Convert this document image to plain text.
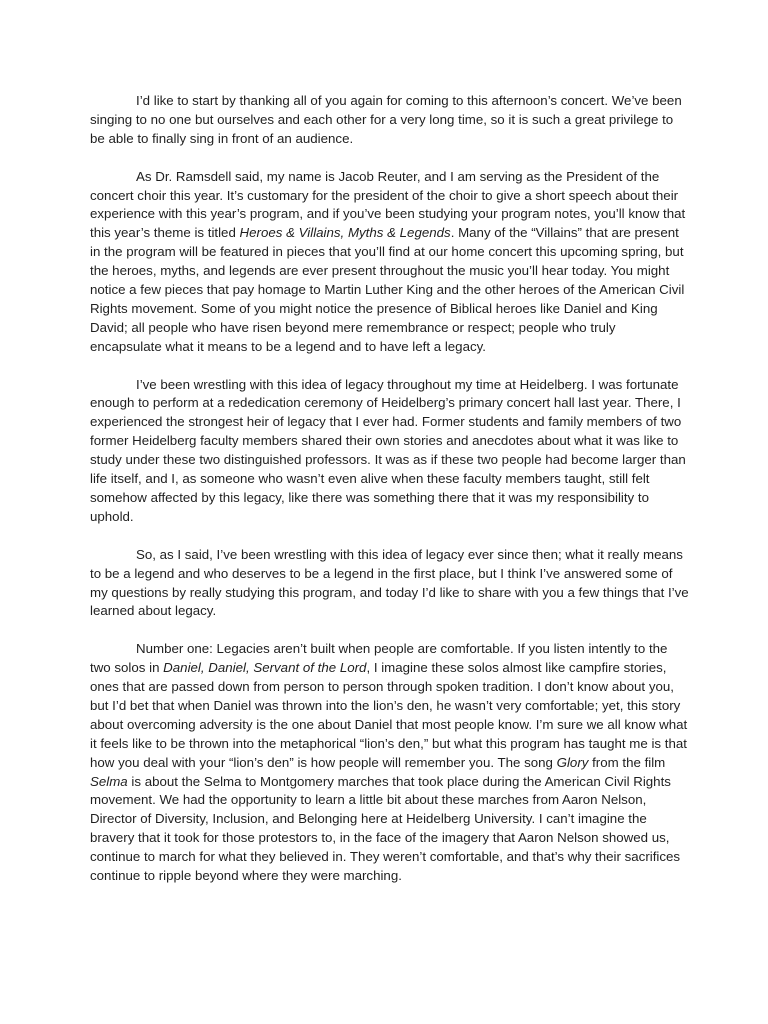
I’d like to start by thanking all of you again for coming to this afternoon’s concert. We’ve been singing to no one but ourselves and each other for a very long time, so it is such a great privilege to be able to finally sing in front of an audience.

As Dr. Ramsdell said, my name is Jacob Reuter, and I am serving as the President of the concert choir this year. It’s customary for the president of the choir to give a short speech about their experience with this year’s program, and if you’ve been studying your program notes, you’ll know that this year’s theme is titled Heroes & Villains, Myths & Legends. Many of the “Villains” that are present in the program will be featured in pieces that you’ll find at our home concert this upcoming spring, but the heroes, myths, and legends are ever present throughout the music you’ll hear today. You might notice a few pieces that pay homage to Martin Luther King and the other heroes of the American Civil Rights movement. Some of you might notice the presence of Biblical heroes like Daniel and King David; all people who have risen beyond mere remembrance or respect; people who truly encapsulate what it means to be a legend and to have left a legacy.

I’ve been wrestling with this idea of legacy throughout my time at Heidelberg. I was fortunate enough to perform at a rededication ceremony of Heidelberg’s primary concert hall last year. There, I experienced the strongest heir of legacy that I ever had. Former students and family members of two former Heidelberg faculty members shared their own stories and anecdotes about what it was like to study under these two distinguished professors. It was as if these two people had become larger than life itself, and I, as someone who wasn’t even alive when these faculty members taught, still felt somehow affected by this legacy, like there was something there that it was my responsibility to uphold.

So, as I said, I’ve been wrestling with this idea of legacy ever since then; what it really means to be a legend and who deserves to be a legend in the first place, but I think I’ve answered some of my questions by really studying this program, and today I’d like to share with you a few things that I’ve learned about legacy.

Number one: Legacies aren’t built when people are comfortable. If you listen intently to the two solos in Daniel, Daniel, Servant of the Lord, I imagine these solos almost like campfire stories, ones that are passed down from person to person through spoken tradition. I don’t know about you, but I’d bet that when Daniel was thrown into the lion’s den, he wasn’t very comfortable; yet, this story about overcoming adversity is the one about Daniel that most people know. I’m sure we all know what it feels like to be thrown into the metaphorical “lion’s den,” but what this program has taught me is that how you deal with your “lion’s den” is how people will remember you. The song Glory from the film Selma is about the Selma to Montgomery marches that took place during the American Civil Rights movement. We had the opportunity to learn a little bit about these marches from Aaron Nelson, Director of Diversity, Inclusion, and Belonging here at Heidelberg University. I can’t imagine the bravery that it took for those protestors to, in the face of the imagery that Aaron Nelson showed us, continue to march for what they believed in. They weren’t comfortable, and that’s why their sacrifices continue to ripple beyond where they were marching.
